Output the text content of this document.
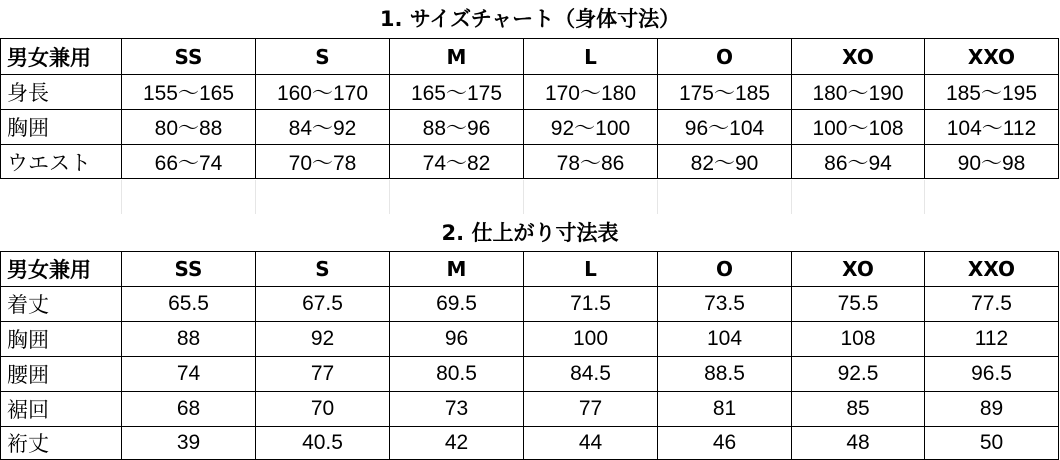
1. サイズチャート（身体寸法）
男女兼用	SS	S	M	L	O	XO	XXO
身長	155〜165	160〜170	165〜175	170〜180	175〜185	180〜190	185〜195
胸囲	80〜88	84〜92	88〜96	92〜100	96〜104	100〜108	104〜112
ウエスト	66〜74	70〜78	74〜82	78〜86	82〜90	86〜94	90〜98
2. 仕上がり寸法表
男女兼用	SS	S	M	L	O	XO	XXO
着丈	65.5	67.5	69.5	71.5	73.5	75.5	77.5
胸囲	88	92	96	100	104	108	112
腰囲	74	77	80.5	84.5	88.5	92.5	96.5
裾回	68	70	73	77	81	85	89
裄丈	39	40.5	42	44	46	48	50
